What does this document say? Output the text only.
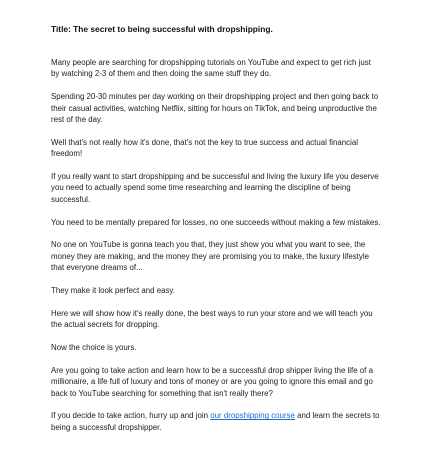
Title: The secret to being successful with dropshipping.

Many people are searching for dropshipping tutorials on YouTube and expect to get rich just by watching 2-3 of them and then doing the same stuff they do.

Spending 20-30 minutes per day working on their dropshipping project and then going back to their casual activities, watching Netflix, sitting for hours on TikTok, and being unproductive the rest of the day.

Well that's not really how it's done, that's not the key to true success and actual financial freedom!

If you really want to start dropshipping and be successful and living the luxury life you deserve you need to actually spend some time researching and learning the discipline of being successful.

You need to be mentally prepared for losses, no one succeeds without making a few mistakes.

No one on YouTube is gonna teach you that, they just show you what you want to see, the money they are making, and the money they are promising you to make, the luxury lifestyle that everyone dreams of...

They make it look perfect and easy.

Here we will show how it's really done, the best ways to run your store and we will teach you the actual secrets for dropping.

Now the choice is yours.

Are you going to take action and learn how to be a successful drop shipper living the life of a millionaire, a life full of luxury and tons of money or are you going to ignore this email and go back to YouTube searching for something that isn't really there?

If you decide to take action, hurry up and join our dropshipping course and learn the secrets to being a successful dropshipper.
